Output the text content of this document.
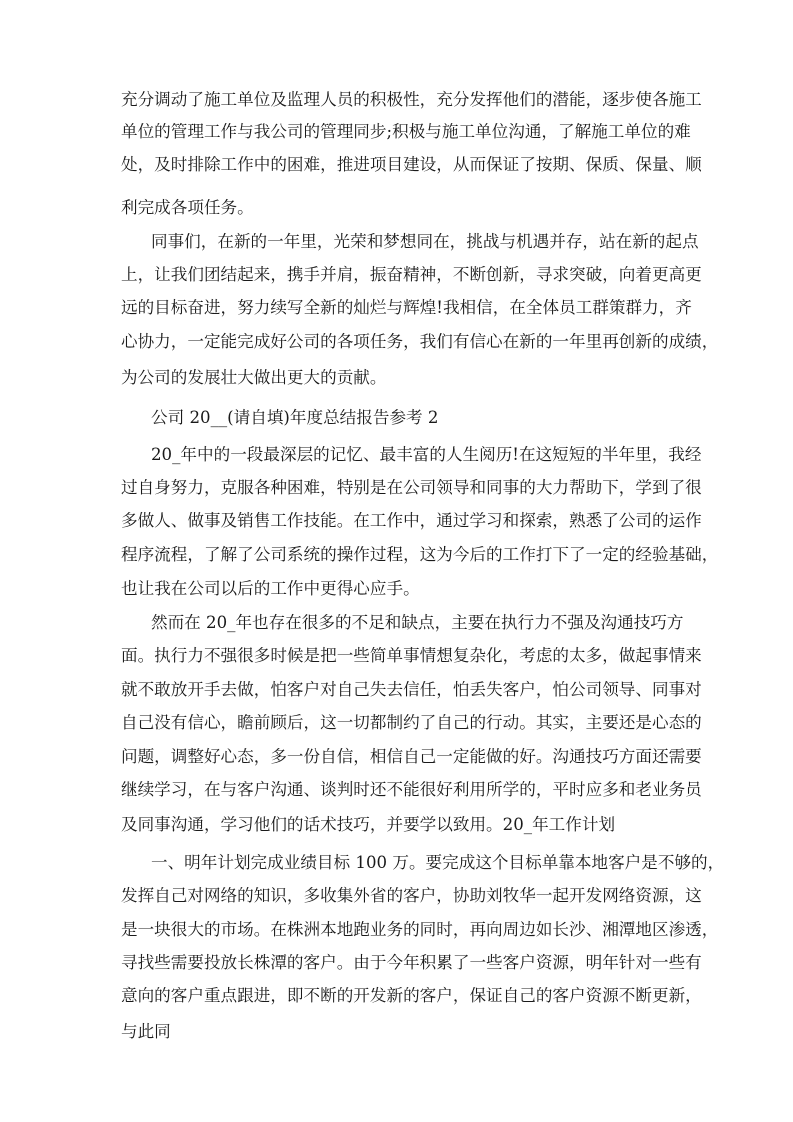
充分调动了施工单位及监理人员的积极性，充分发挥他们的潜能，逐步使各施工
单位的管理工作与我公司的管理同步;积极与施工单位沟通，了解施工单位的难
处，及时排除工作中的困难，推进项目建设，从而保证了按期、保质、保量、顺
利完成各项任务。
同事们，在新的一年里，光荣和梦想同在，挑战与机遇并存，站在新的起点
上，让我们团结起来，携手并肩，振奋精神，不断创新，寻求突破，向着更高更
远的目标奋进，努力续写全新的灿烂与辉煌!我相信，在全体员工群策群力，齐
心协力，一定能完成好公司的各项任务，我们有信心在新的一年里再创新的成绩，
为公司的发展壮大做出更大的贡献。
公司 20__(请自填)年度总结报告参考 2
20_年中的一段最深层的记忆、最丰富的人生阅历!在这短短的半年里，我经
过自身努力，克服各种困难，特别是在公司领导和同事的大力帮助下，学到了很
多做人、做事及销售工作技能。在工作中，通过学习和探索，熟悉了公司的运作
程序流程，了解了公司系统的操作过程，这为今后的工作打下了一定的经验基础，
也让我在公司以后的工作中更得心应手。
然而在 20_年也存在很多的不足和缺点，主要在执行力不强及沟通技巧方
面。执行力不强很多时候是把一些简单事情想复杂化，考虑的太多，做起事情来
就不敢放开手去做，怕客户对自己失去信任，怕丢失客户，怕公司领导、同事对
自己没有信心，瞻前顾后，这一切都制约了自己的行动。其实，主要还是心态的
问题，调整好心态，多一份自信，相信自己一定能做的好。沟通技巧方面还需要
继续学习，在与客户沟通、谈判时还不能很好利用所学的，平时应多和老业务员
及同事沟通，学习他们的话术技巧，并要学以致用。20_年工作计划
一、明年计划完成业绩目标 100 万。要完成这个目标单靠本地客户是不够的，
发挥自己对网络的知识，多收集外省的客户，协助刘牧华一起开发网络资源，这
是一块很大的市场。在株洲本地跑业务的同时，再向周边如长沙、湘潭地区渗透，
寻找些需要投放长株潭的客户。由于今年积累了一些客户资源，明年针对一些有
意向的客户重点跟进，即不断的开发新的客户，保证自己的客户资源不断更新，
与此同
